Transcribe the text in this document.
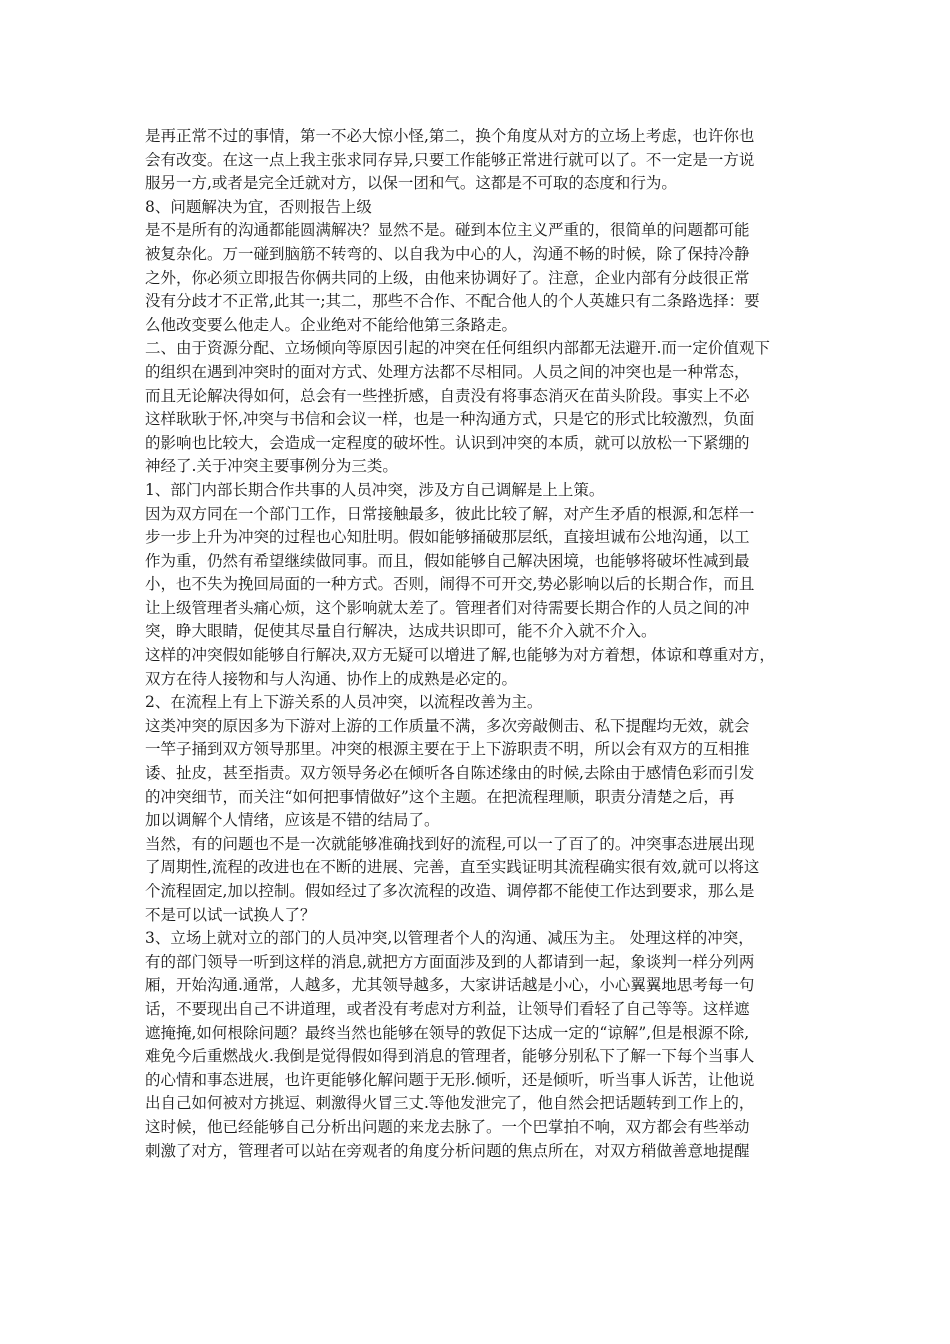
是再正常不过的事情，第一不必大惊小怪,第二，换个角度从对方的立场上考虑，也许你也
会有改变。在这一点上我主张求同存异,只要工作能够正常进行就可以了。不一定是一方说
服另一方,或者是完全迁就对方，以保一团和气。这都是不可取的态度和行为。
8、问题解决为宜，否则报告上级
是不是所有的沟通都能圆满解决？显然不是。碰到本位主义严重的，很简单的问题都可能
被复杂化。万一碰到脑筋不转弯的、以自我为中心的人，沟通不畅的时候，除了保持冷静
之外，你必须立即报告你俩共同的上级，由他来协调好了。注意，企业内部有分歧很正常
没有分歧才不正常,此其一;其二，那些不合作、不配合他人的个人英雄只有二条路选择：要
么他改变要么他走人。企业绝对不能给他第三条路走。
二、由于资源分配、立场倾向等原因引起的冲突在任何组织内部都无法避开.而一定价值观下
的组织在遇到冲突时的面对方式、处理方法都不尽相同。人员之间的冲突也是一种常态，
而且无论解决得如何，总会有一些挫折感，自责没有将事态消灭在苗头阶段。事实上不必
这样耿耿于怀,冲突与书信和会议一样，也是一种沟通方式，只是它的形式比较激烈，负面
的影响也比较大，会造成一定程度的破坏性。认识到冲突的本质，就可以放松一下紧绷的
神经了.关于冲突主要事例分为三类。
1、部门内部长期合作共事的人员冲突，涉及方自己调解是上上策。
因为双方同在一个部门工作，日常接触最多，彼此比较了解，对产生矛盾的根源,和怎样一
步一步上升为冲突的过程也心知肚明。假如能够捅破那层纸，直接坦诚布公地沟通，以工
作为重，仍然有希望继续做同事。而且，假如能够自己解决困境，也能够将破坏性减到最
小，也不失为挽回局面的一种方式。否则，闹得不可开交,势必影响以后的长期合作，而且
让上级管理者头痛心烦，这个影响就太差了。管理者们对待需要长期合作的人员之间的冲
突，睁大眼睛，促使其尽量自行解决，达成共识即可，能不介入就不介入。
这样的冲突假如能够自行解决,双方无疑可以增进了解,也能够为对方着想，体谅和尊重对方，
双方在待人接物和与人沟通、协作上的成熟是必定的。
2、在流程上有上下游关系的人员冲突，以流程改善为主。
这类冲突的原因多为下游对上游的工作质量不满，多次旁敲侧击、私下提醒均无效，就会
一竿子捅到双方领导那里。冲突的根源主要在于上下游职责不明，所以会有双方的互相推
诿、扯皮，甚至指责。双方领导务必在倾听各自陈述缘由的时候,去除由于感情色彩而引发
的冲突细节，而关注“如何把事情做好”这个主题。在把流程理顺，职责分清楚之后，再
加以调解个人情绪，应该是不错的结局了。
当然，有的问题也不是一次就能够准确找到好的流程,可以一了百了的。冲突事态进展出现
了周期性,流程的改进也在不断的进展、完善，直至实践证明其流程确实很有效,就可以将这
个流程固定,加以控制。假如经过了多次流程的改造、调停都不能使工作达到要求，那么是
不是可以试一试换人了？
3、立场上就对立的部门的人员冲突,以管理者个人的沟通、减压为主。 处理这样的冲突，
有的部门领导一听到这样的消息,就把方方面面涉及到的人都请到一起，象谈判一样分列两
厢，开始沟通.通常，人越多，尤其领导越多，大家讲话越是小心，小心翼翼地思考每一句
话，不要现出自己不讲道理，或者没有考虑对方利益，让领导们看轻了自己等等。这样遮
遮掩掩,如何根除问题？最终当然也能够在领导的敦促下达成一定的“谅解”,但是根源不除,
难免今后重燃战火.我倒是觉得假如得到消息的管理者，能够分别私下了解一下每个当事人
的心情和事态进展，也许更能够化解问题于无形.倾听，还是倾听，听当事人诉苦，让他说
出自己如何被对方挑逗、刺激得火冒三丈.等他发泄完了，他自然会把话题转到工作上的，
这时候，他已经能够自己分析出问题的来龙去脉了。一个巴掌拍不响，双方都会有些举动
刺激了对方，管理者可以站在旁观者的角度分析问题的焦点所在，对双方稍做善意地提醒
